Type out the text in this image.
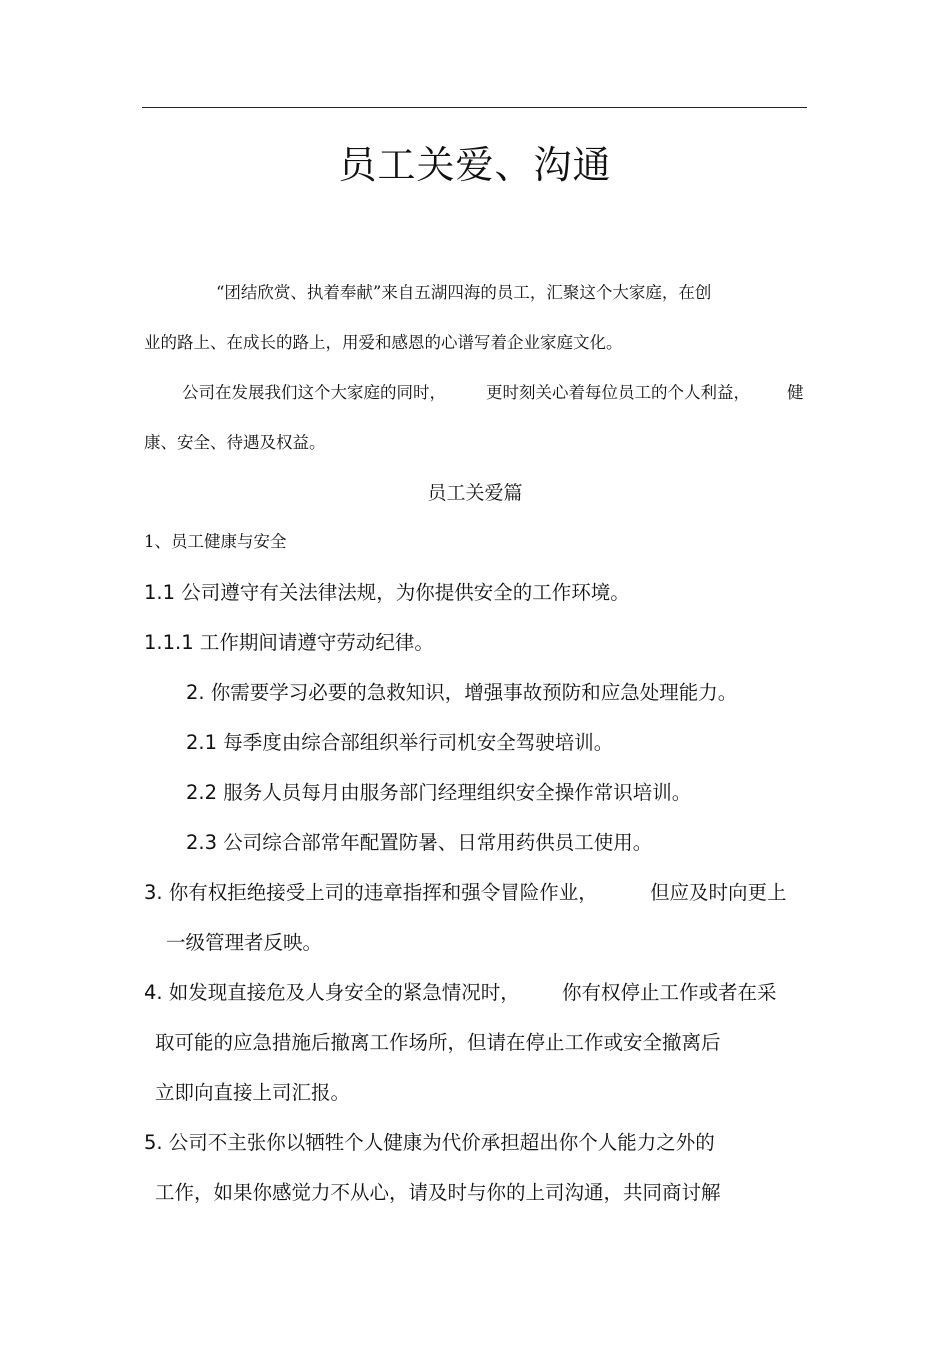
员工关爱、沟通
“团结欣赏、执着奉献”来自五湖四海的员工，汇聚这个大家庭，在创
业的路上、在成长的路上，用爱和感恩的心谱写着企业家庭文化。
公司在发展我们这个大家庭的同时， 更时刻关心着每位员工的个人利益， 健
康、安全、待遇及权益。
员工关爱篇
1、员工健康与安全
1.1 公司遵守有关法律法规，为你提供安全的工作环境。
1.1.1 工作期间请遵守劳动纪律。
2. 你需要学习必要的急救知识，增强事故预防和应急处理能力。
2.1 每季度由综合部组织举行司机安全驾驶培训。
2.2 服务人员每月由服务部门经理组织安全操作常识培训。
2.3 公司综合部常年配置防暑、日常用药供员工使用。
3. 你有权拒绝接受上司的违章指挥和强令冒险作业，	但应及时向更上
一级管理者反映。
4. 如发现直接危及人身安全的紧急情况时， 你有权停止工作或者在采
取可能的应急措施后撤离工作场所，但请在停止工作或安全撤离后
立即向直接上司汇报。
5. 公司不主张你以牺牲个人健康为代价承担超出你个人能力之外的
工作，如果你感觉力不从心，请及时与你的上司沟通，共同商讨解
